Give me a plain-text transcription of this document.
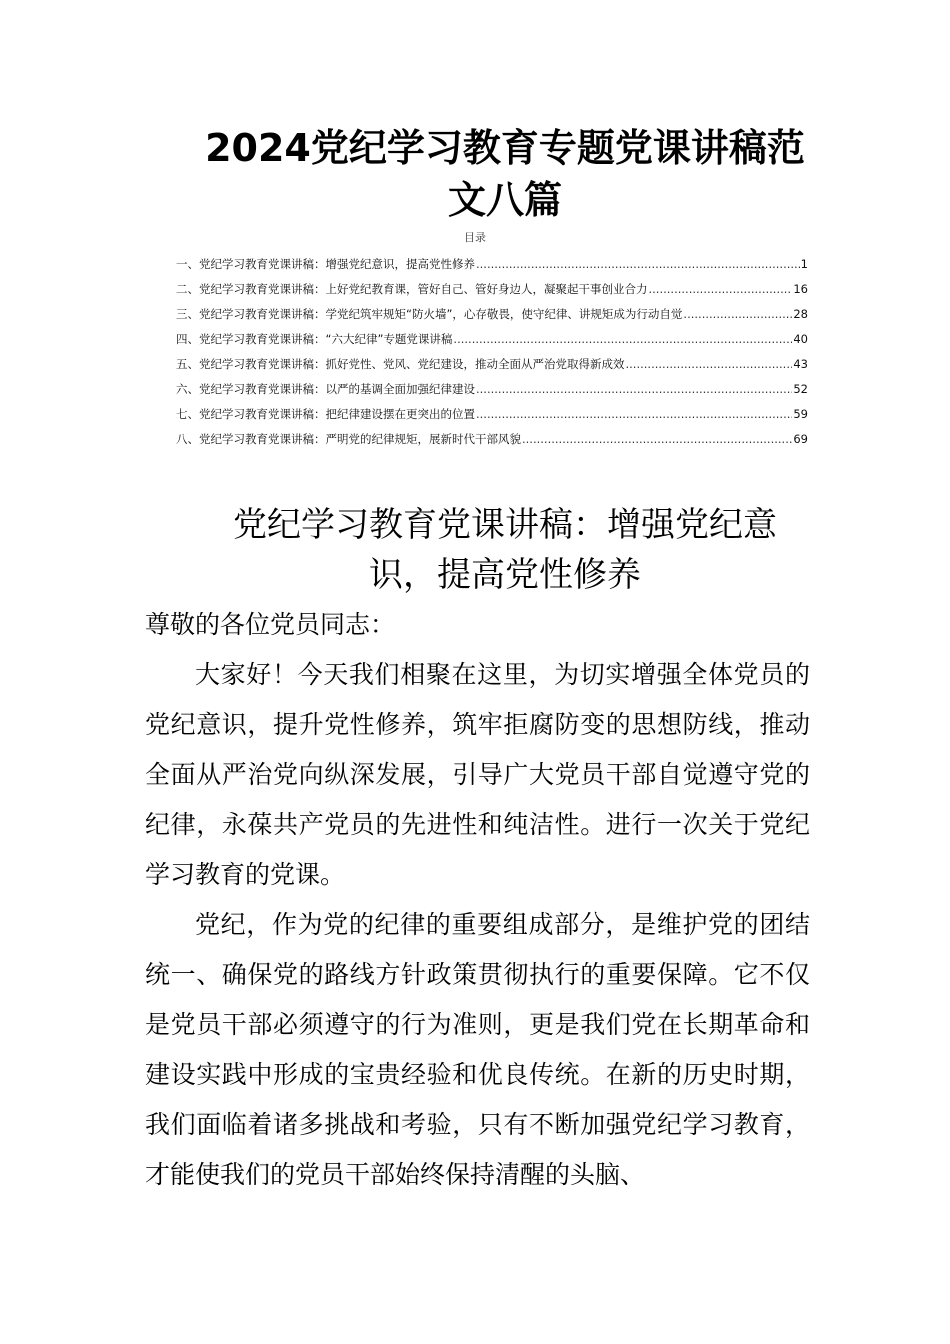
2024党纪学习教育专题党课讲稿范文八篇
目录
一、党纪学习教育党课讲稿：增强党纪意识，提高党性修养 .....	1
二、党纪学习教育党课讲稿：上好党纪教育课，管好自己、管好身边人，凝聚起干事创业合力 .....	16
三、党纪学习教育党课讲稿：学党纪筑牢规矩“防火墙”，心存敬畏，使守纪律、讲规矩成为行动自觉 .....	28
四、党纪学习教育党课讲稿：“六大纪律”专题党课讲稿 .....	40
五、党纪学习教育党课讲稿：抓好党性、党风、党纪建设，推动全面从严治党取得新成效 .....	43
六、党纪学习教育党课讲稿：以严的基调全面加强纪律建设 .....	52
七、党纪学习教育党课讲稿：把纪律建设摆在更突出的位置 .....	59
八、党纪学习教育党课讲稿：严明党的纪律规矩，展新时代干部风貌 .....	69
党纪学习教育党课讲稿：增强党纪意识，提高党性修养

尊敬的各位党员同志：

大家好！今天我们相聚在这里，为切实增强全体党员的党纪意识，提升党性修养，筑牢拒腐防变的思想防线，推动全面从严治党向纵深发展，引导广大党员干部自觉遵守党的纪律，永葆共产党员的先进性和纯洁性。进行一次关于党纪学习教育的党课。

党纪，作为党的纪律的重要组成部分，是维护党的团结统一、确保党的路线方针政策贯彻执行的重要保障。它不仅是党员干部必须遵守的行为准则，更是我们党在长期革命和建设实践中形成的宝贵经验和优良传统。在新的历史时期，我们面临着诸多挑战和考验，只有不断加强党纪学习教育，才能使我们的党员干部始终保持清醒的头脑、
